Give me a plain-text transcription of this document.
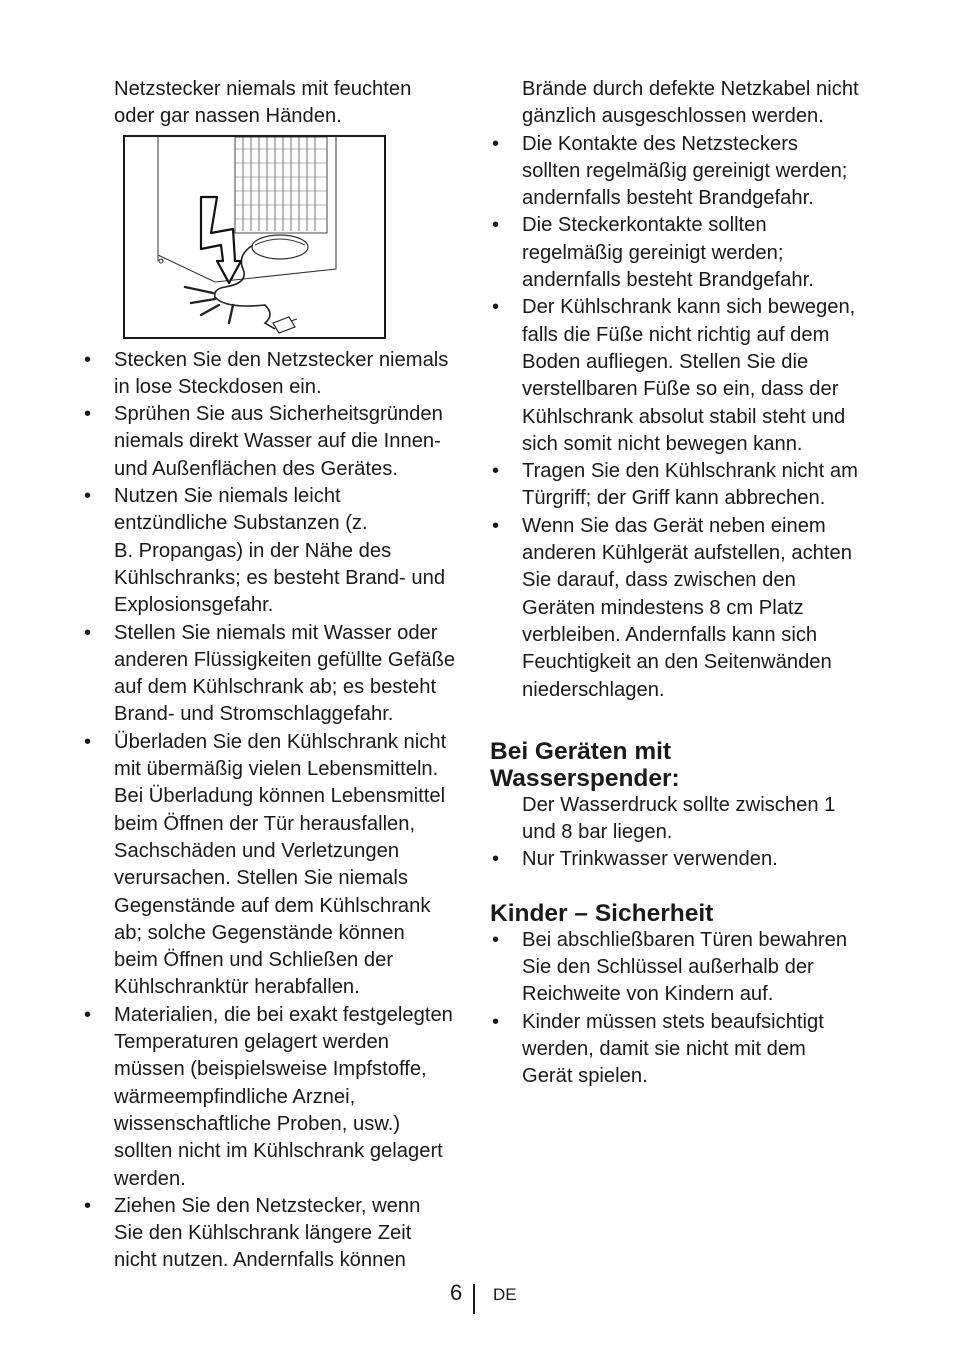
Netzstecker niemals mit feuchten
oder gar nassen Händen.

• Stecken Sie den Netzstecker niemals
in lose Steckdosen ein.
• Sprühen Sie aus Sicherheitsgründen
niemals direkt Wasser auf die Innen-
und Außenflächen des Gerätes.
• Nutzen Sie niemals leicht
entzündliche Substanzen (z.
B. Propangas) in der Nähe des
Kühlschranks; es besteht Brand- und
Explosionsgefahr.
• Stellen Sie niemals mit Wasser oder
anderen Flüssigkeiten gefüllte Gefäße
auf dem Kühlschrank ab; es besteht
Brand- und Stromschlaggefahr.
• Überladen Sie den Kühlschrank nicht
mit übermäßig vielen Lebensmitteln.
Bei Überladung können Lebensmittel
beim Öffnen der Tür herausfallen,
Sachschäden und Verletzungen
verursachen. Stellen Sie niemals
Gegenstände auf dem Kühlschrank
ab; solche Gegenstände können
beim Öffnen und Schließen der
Kühlschranktür herabfallen.
• Materialien, die bei exakt festgelegten
Temperaturen gelagert werden
müssen (beispielsweise Impfstoffe,
wärmeempfindliche Arznei,
wissenschaftliche Proben, usw.)
sollten nicht im Kühlschrank gelagert
werden.
• Ziehen Sie den Netzstecker, wenn
Sie den Kühlschrank längere Zeit
nicht nutzen. Andernfalls können

Brände durch defekte Netzkabel nicht
gänzlich ausgeschlossen werden.

• Die Kontakte des Netzsteckers
sollten regelmäßig gereinigt werden;
andernfalls besteht Brandgefahr.
• Die Steckerkontakte sollten
regelmäßig gereinigt werden;
andernfalls besteht Brandgefahr.
• Der Kühlschrank kann sich bewegen,
falls die Füße nicht richtig auf dem
Boden aufliegen. Stellen Sie die
verstellbaren Füße so ein, dass der
Kühlschrank absolut stabil steht und
sich somit nicht bewegen kann.
• Tragen Sie den Kühlschrank nicht am
Türgriff; der Griff kann abbrechen.
• Wenn Sie das Gerät neben einem
anderen Kühlgerät aufstellen, achten
Sie darauf, dass zwischen den
Geräten mindestens 8 cm Platz
verbleiben. Andernfalls kann sich
Feuchtigkeit an den Seitenwänden
niederschlagen.
Bei Geräten mit
Wasserspender:

Der Wasserdruck sollte zwischen 1
und 8 bar liegen.

• Nur Trinkwasser verwenden.
Kinder – Sicherheit
• Bei abschließbaren Türen bewahren
Sie den Schlüssel außerhalb der
Reichweite von Kindern auf.
• Kinder müssen stets beaufsichtigt
werden, damit sie nicht mit dem
Gerät spielen.
6 DE
